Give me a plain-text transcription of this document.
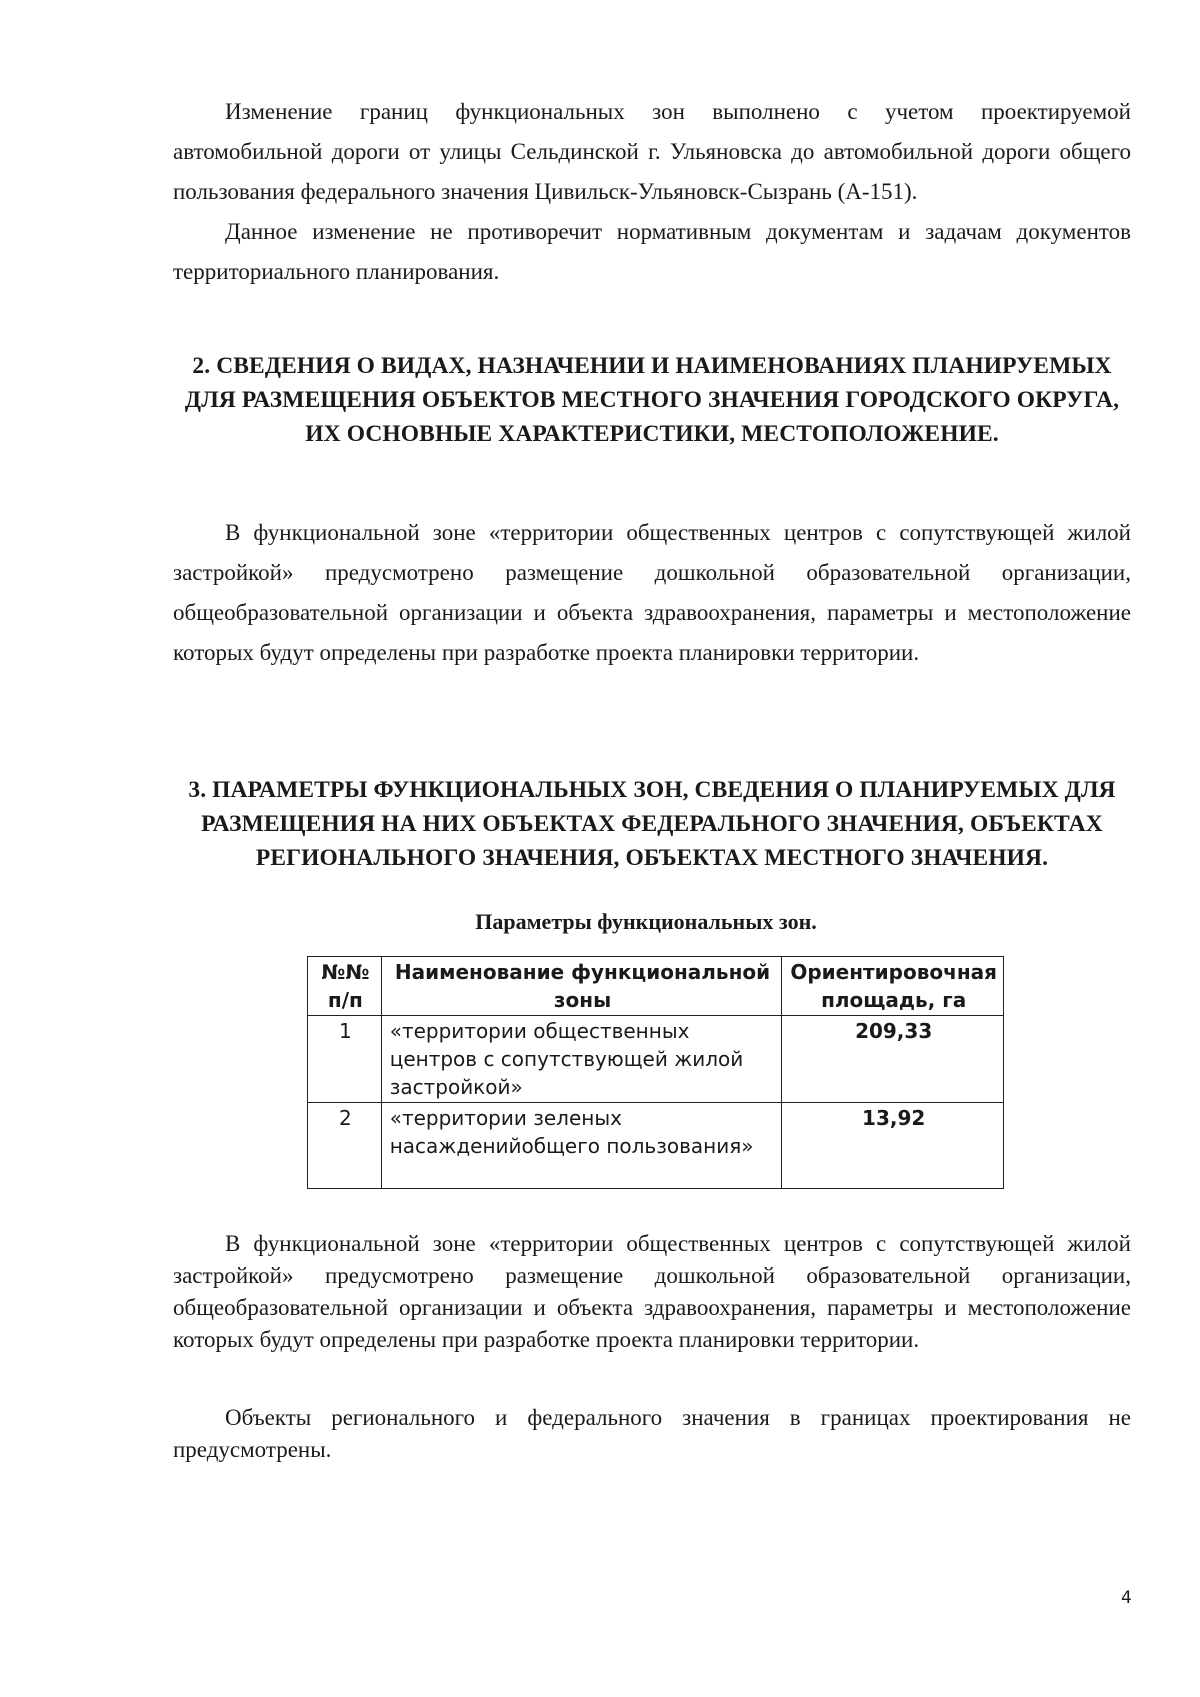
Изменение границ функциональных зон выполнено с учетом проектируемой автомобильной дороги от улицы Сельдинской г. Ульяновска до автомобильной дороги общего пользования федерального значения Цивильск-Ульяновск-Сызрань (А-151).

Данное изменение не противоречит нормативным документам и задачам документов территориального планирования.

2. СВЕДЕНИЯ О ВИДАХ, НАЗНАЧЕНИИ И НАИМЕНОВАНИЯХ ПЛАНИРУЕМЫХ ДЛЯ РАЗМЕЩЕНИЯ ОБЪЕКТОВ МЕСТНОГО ЗНАЧЕНИЯ ГОРОДСКОГО ОКРУГА, ИХ ОСНОВНЫЕ ХАРАКТЕРИСТИКИ, МЕСТОПОЛОЖЕНИЕ.

В функциональной зоне «территории общественных центров с сопутствующей жилой застройкой» предусмотрено размещение дошкольной образовательной организации, общеобразовательной организации и объекта здравоохранения, параметры и местоположение которых будут определены при разработке проекта планировки территории.

3. ПАРАМЕТРЫ ФУНКЦИОНАЛЬНЫХ ЗОН, СВЕДЕНИЯ О ПЛАНИРУЕМЫХ ДЛЯ РАЗМЕЩЕНИЯ НА НИХ ОБЪЕКТАХ ФЕДЕРАЛЬНОГО ЗНАЧЕНИЯ, ОБЪЕКТАХ РЕГИОНАЛЬНОГО ЗНАЧЕНИЯ, ОБЪЕКТАХ МЕСТНОГО ЗНАЧЕНИЯ.

Параметры функциональных зон.

№№ п/п	Наименование функциональной зоны	Ориентировочная площадь, га
1	«территории общественных центров с сопутствующей жилой застройкой»	209,33
2	«территории зеленых насажденийобщего пользования»	13,92

В функциональной зоне «территории общественных центров с сопутствующей жилой застройкой» предусмотрено размещение дошкольной образовательной организации, общеобразовательной организации и объекта здравоохранения, параметры и местоположение которых будут определены при разработке проекта планировки территории.

Объекты регионального и федерального значения в границах проектирования не предусмотрены.

4
